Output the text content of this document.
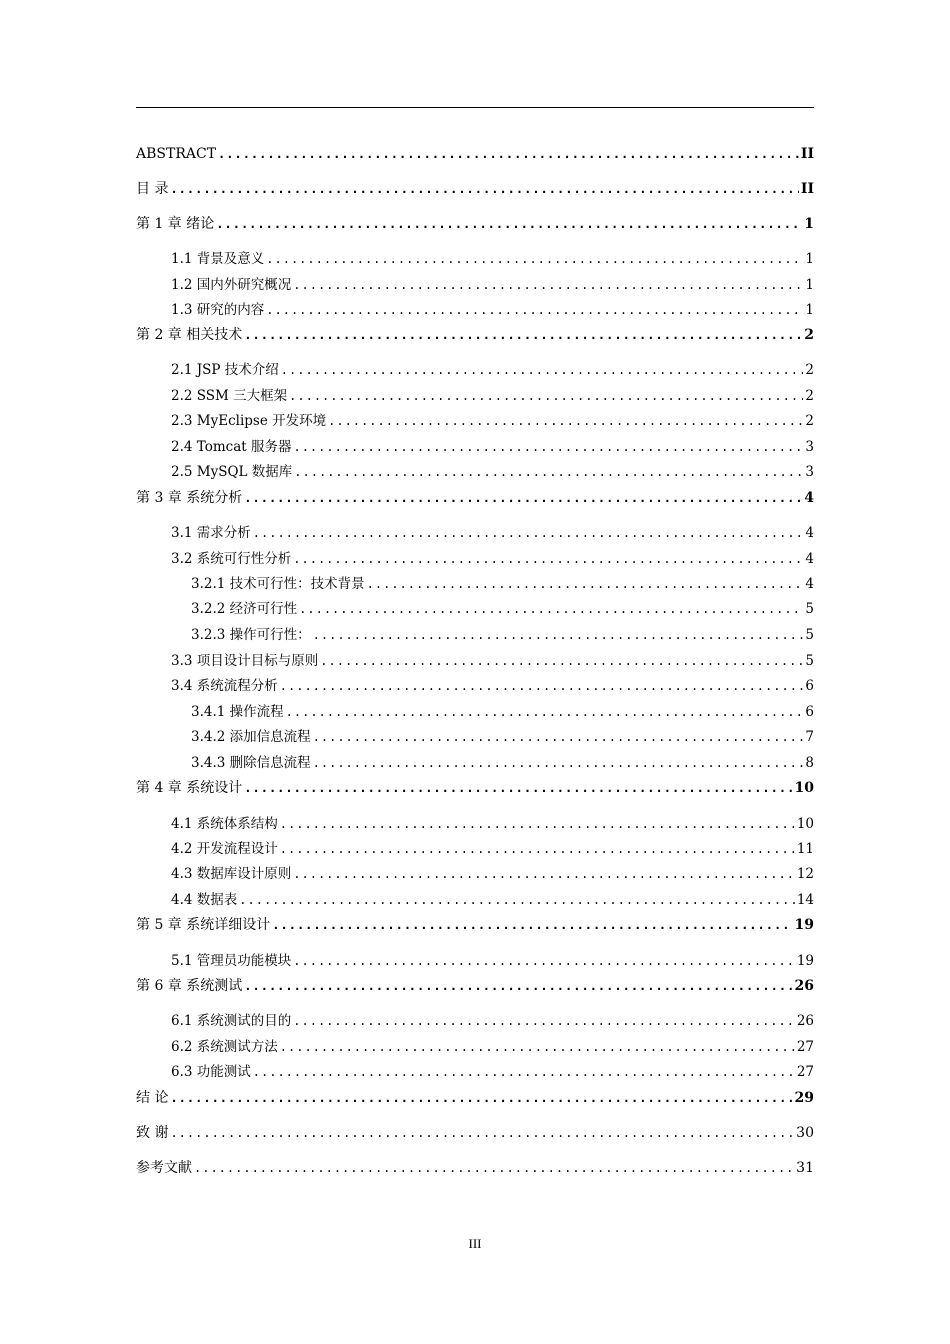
ABSTRACT .....	II
目 录 .....	II
第 1 章 绪论 .....	1
1.1 背景及意义 .....	1
1.2 国内外研究概况 .....	1
1.3 研究的内容 .....	1
第 2 章 相关技术 .....	2
2.1 JSP 技术介绍 .....	2
2.2 SSM 三大框架 .....	2
2.3 MyEclipse 开发环境 .....	2
2.4 Tomcat 服务器 .....	3
2.5 MySQL 数据库 .....	3
第 3 章 系统分析 .....	4
3.1 需求分析 .....	4
3.2 系统可行性分析 .....	4
3.2.1 技术可行性：技术背景 .....	4
3.2.2 经济可行性 .....	5
3.2.3 操作可行性： .....	5
3.3 项目设计目标与原则 .....	5
3.4 系统流程分析 .....	6
3.4.1 操作流程 .....	6
3.4.2 添加信息流程 .....	7
3.4.3 删除信息流程 .....	8
第 4 章 系统设计 .....	10
4.1 系统体系结构 .....	10
4.2 开发流程设计 .....	11
4.3 数据库设计原则 .....	12
4.4 数据表 .....	14
第 5 章 系统详细设计 .....	19
5.1 管理员功能模块 .....	19
第 6 章 系统测试 .....	26
6.1 系统测试的目的 .....	26
6.2 系统测试方法 .....	27
6.3 功能测试 .....	27
结 论 .....	29
致 谢 .....	30
参考文献 .....	31
III
